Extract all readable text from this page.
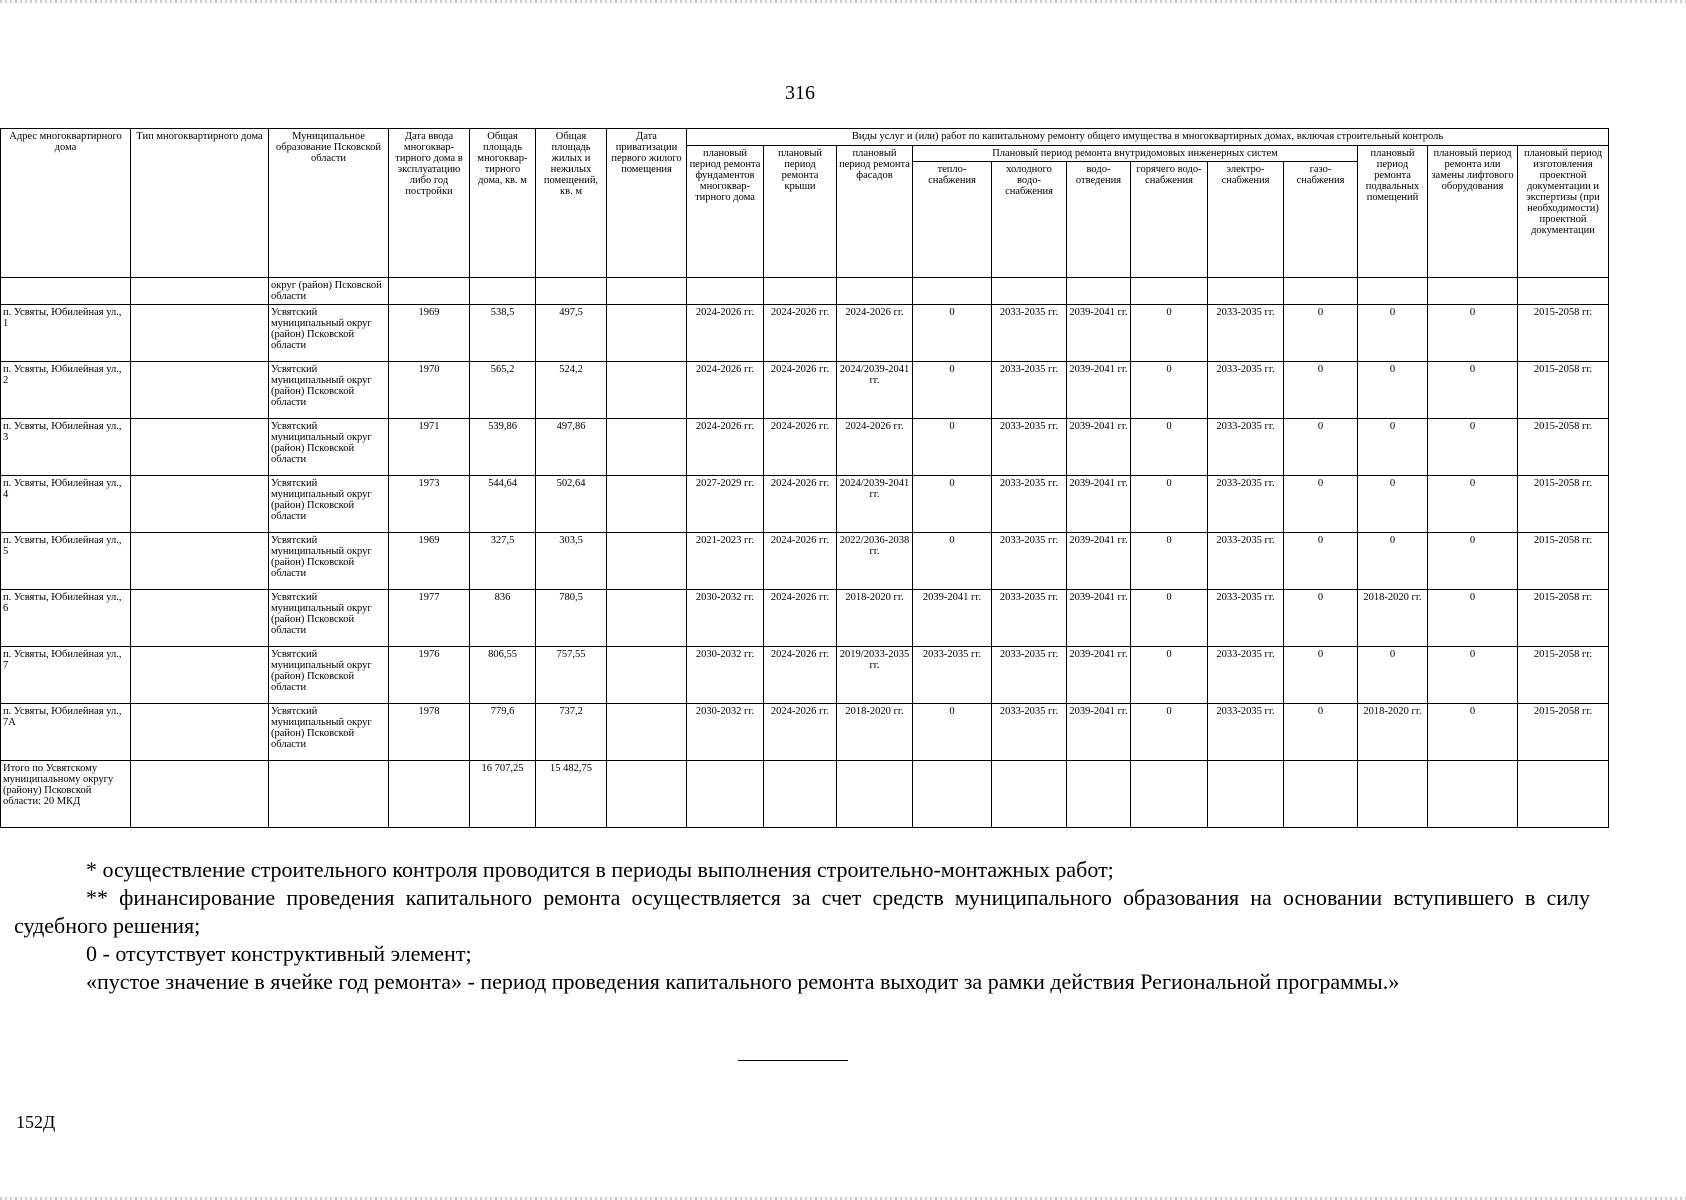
316
Адрес многоквартирного дома	Тип многоквартирного дома	Муниципальное образование Псковской области	Дата ввода многоквар-тирного дома в эксплуатацию либо год постройки	Общая площадь многоквар-тирного дома, кв. м	Общая площадь жилых и нежилых помещений, кв. м	Дата приватизации первого жилого помещения	Виды услуг и (или) работ по капитальному ремонту общего имущества в многоквартирных домах, включая строительный контроль											
							плановый период ремонта фундаментов многоквар-тирного дома	плановый период ремонта крыши	плановый период ремонта фасадов	Плановый период ремонта внутридомовых инженерных систем						плановый период ремонта подвальных помещений	плановый период ремонта или замены лифтового оборудования	плановый период изготовления проектной документации и экспертизы (при необходимости) проектной документации
										тепло-снабжения	холодного водо-снабжения	водо-отведения	горячего водо-снабжения	электро-снабжения	газо-снабжения			
		округ (район) Псковской области																
п. Усвяты, Юбилейная ул., 1		Усвятский муниципальный округ (район) Псковской области	1969	538,5	497,5		2024-2026 гг.	2024-2026 гг.	2024-2026 гг.	0	2033-2035 гг.	2039-2041 гг.	0	2033-2035 гг.	0	0	0	2015-2058 гг.
п. Усвяты, Юбилейная ул., 2		Усвятский муниципальный округ (район) Псковской области	1970	565,2	524,2		2024-2026 гг.	2024-2026 гг.	2024/2039-2041 гг.	0	2033-2035 гг.	2039-2041 гг.	0	2033-2035 гг.	0	0	0	2015-2058 гг.
п. Усвяты, Юбилейная ул., 3		Усвятский муниципальный округ (район) Псковской области	1971	539,86	497,86		2024-2026 гг.	2024-2026 гг.	2024-2026 гг.	0	2033-2035 гг.	2039-2041 гг.	0	2033-2035 гг.	0	0	0	2015-2058 гг.
п. Усвяты, Юбилейная ул., 4		Усвятский муниципальный округ (район) Псковской области	1973	544,64	502,64		2027-2029 гг.	2024-2026 гг.	2024/2039-2041 гг.	0	2033-2035 гг.	2039-2041 гг.	0	2033-2035 гг.	0	0	0	2015-2058 гг.
п. Усвяты, Юбилейная ул., 5		Усвятский муниципальный округ (район) Псковской области	1969	327,5	303,5		2021-2023 гг.	2024-2026 гг.	2022/2036-2038 гг.	0	2033-2035 гг.	2039-2041 гг.	0	2033-2035 гг.	0	0	0	2015-2058 гг.
п. Усвяты, Юбилейная ул., 6		Усвятский муниципальный округ (район) Псковской области	1977	836	780,5		2030-2032 гг.	2024-2026 гг.	2018-2020 гг.	2039-2041 гг.	2033-2035 гг.	2039-2041 гг.	0	2033-2035 гг.	0	2018-2020 гг.	0	2015-2058 гг.
п. Усвяты, Юбилейная ул., 7		Усвятский муниципальный округ (район) Псковской области	1976	806,55	757,55		2030-2032 гг.	2024-2026 гг.	2019/2033-2035 гг.	2033-2035 гг.	2033-2035 гг.	2039-2041 гг.	0	2033-2035 гг.	0	0	0	2015-2058 гг.
п. Усвяты, Юбилейная ул., 7А		Усвятский муниципальный округ (район) Псковской области	1978	779,6	737,2		2030-2032 гг.	2024-2026 гг.	2018-2020 гг.	0	2033-2035 гг.	2039-2041 гг.	0	2033-2035 гг.	0	2018-2020 гг.	0	2015-2058 гг.
Итого по Усвятскому муниципальному округу (району) Псковской области: 20 МКД				16 707,25	15 482,75													

* осуществление строительного контроля проводится в периоды выполнения строительно-монтажных работ;

** финансирование проведения капитального ремонта осуществляется за счет средств муниципального образования на основании вступившего в силу судебного решения;

0 - отсутствует конструктивный элемент;

«пустое значение в ячейке год ремонта» - период проведения капитального ремонта выходит за рамки действия Региональной программы.»

152Д
